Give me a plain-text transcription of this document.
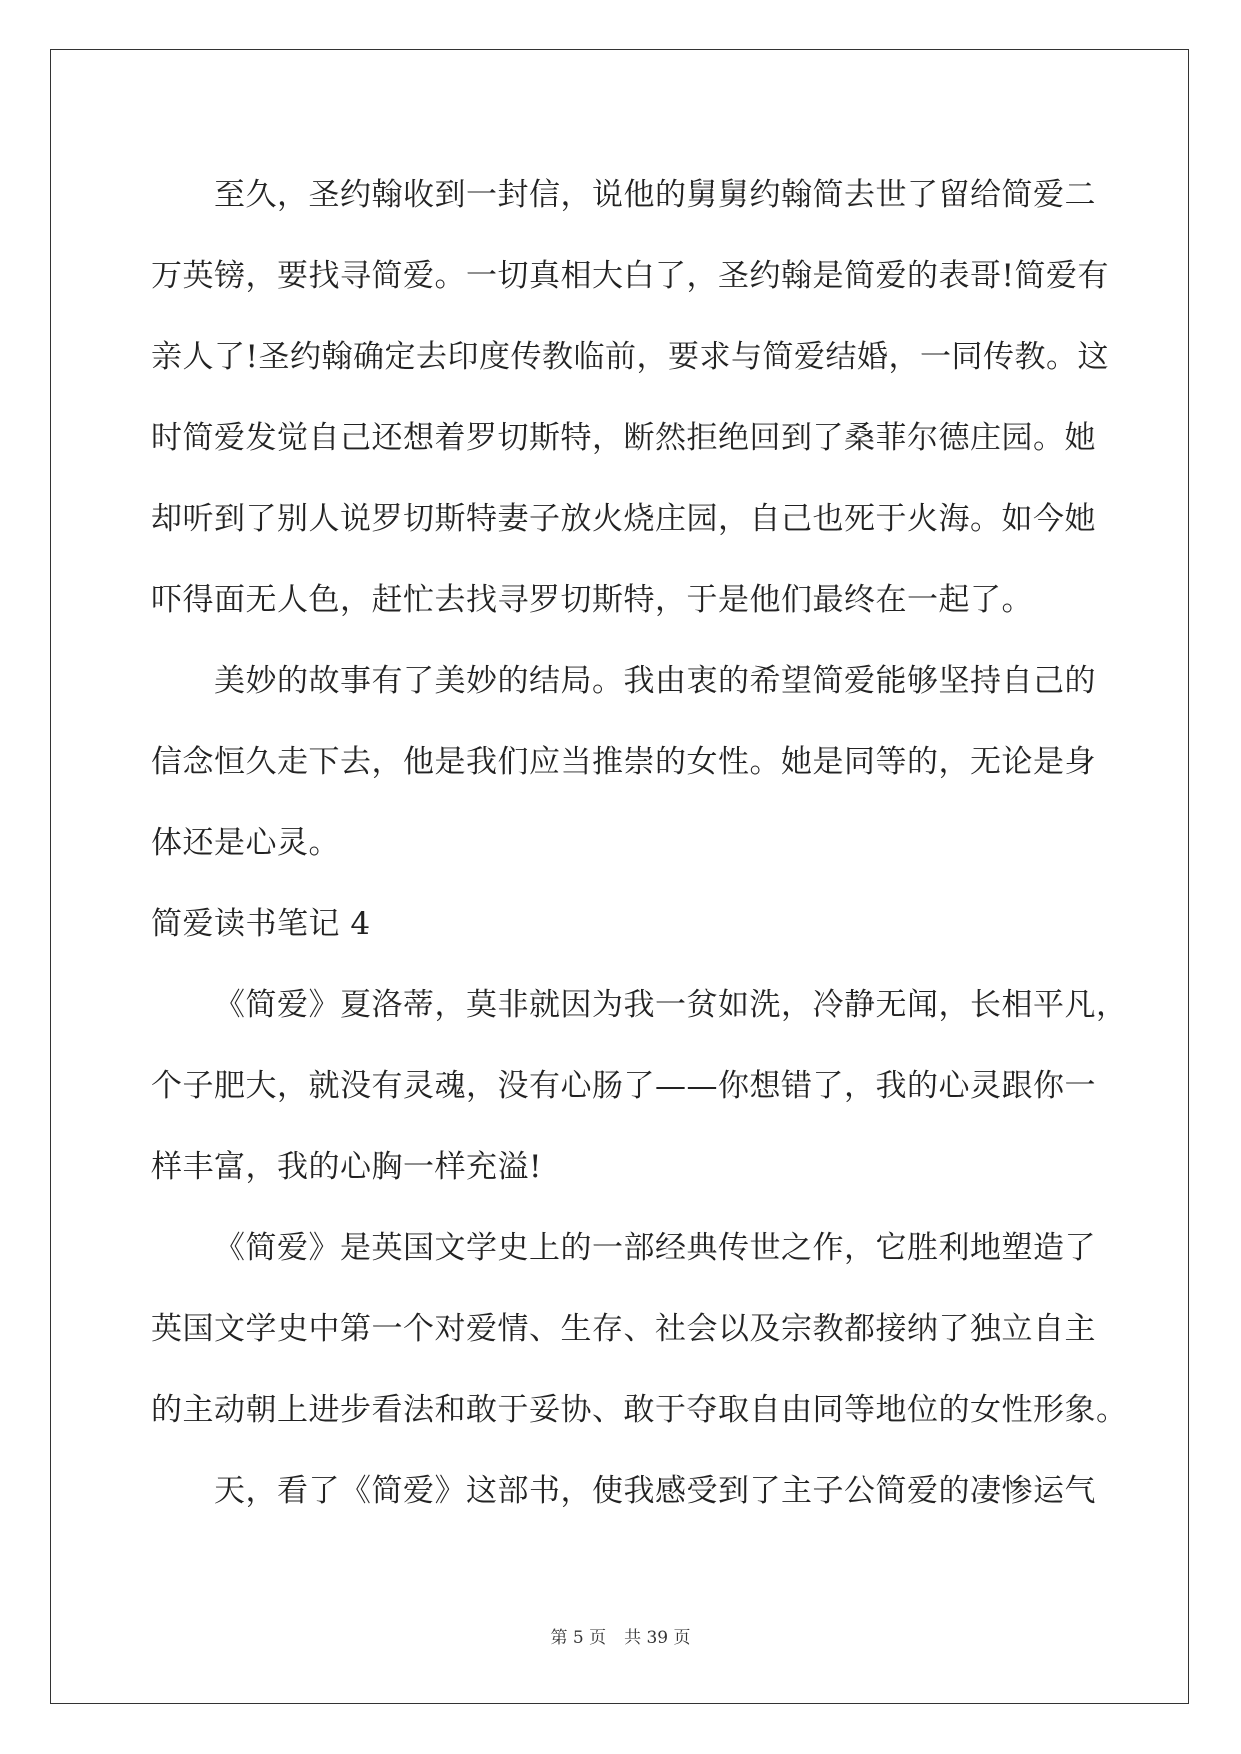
至久，圣约翰收到一封信，说他的舅舅约翰简去世了留给简爱二
万英镑，要找寻简爱。一切真相大白了，圣约翰是简爱的表哥!简爱有
亲人了!圣约翰确定去印度传教临前，要求与简爱结婚，一同传教。这
时简爱发觉自己还想着罗切斯特，断然拒绝回到了桑菲尔德庄园。她
却听到了别人说罗切斯特妻子放火烧庄园，自己也死于火海。如今她
吓得面无人色，赶忙去找寻罗切斯特，于是他们最终在一起了。
美妙的故事有了美妙的结局。我由衷的希望简爱能够坚持自己的
信念恒久走下去，他是我们应当推崇的女性。她是同等的，无论是身
体还是心灵。
简爱读书笔记 4
《简爱》夏洛蒂，莫非就因为我一贫如洗，冷静无闻，长相平凡，
个子肥大，就没有灵魂，没有心肠了——你想错了，我的心灵跟你一
样丰富，我的心胸一样充溢!
《简爱》是英国文学史上的一部经典传世之作，它胜利地塑造了
英国文学史中第一个对爱情、生存、社会以及宗教都接纳了独立自主
的主动朝上进步看法和敢于妥协、敢于夺取自由同等地位的女性形象。
天，看了《简爱》这部书，使我感受到了主子公简爱的凄惨运气
第 5 页 共 39 页
